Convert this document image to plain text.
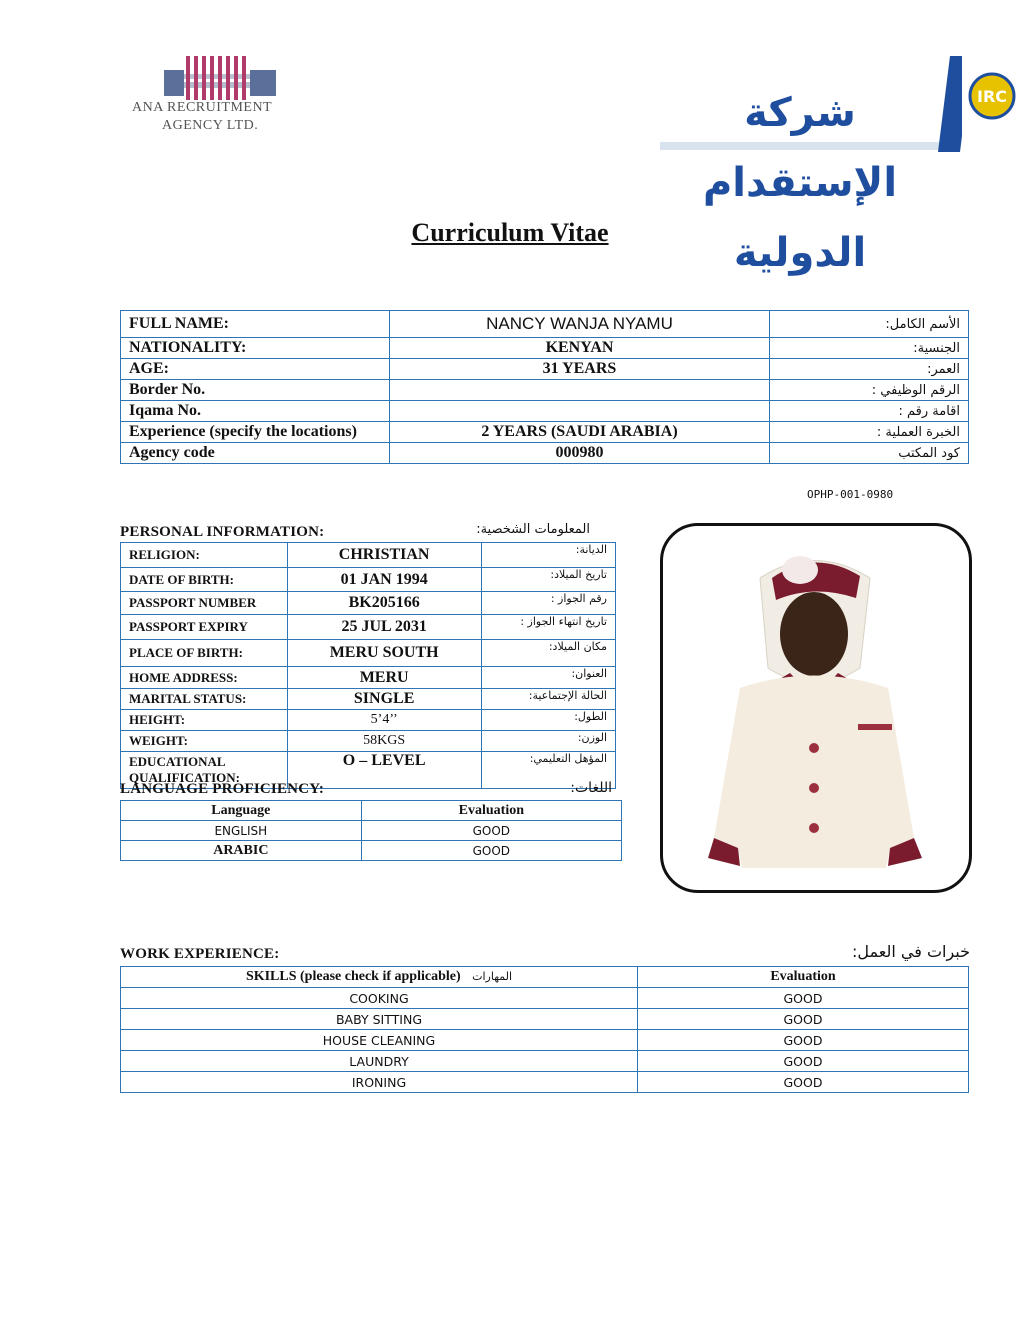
ANA RECRUITMENT
AGENCY LTD.
IRC
شركة الإستقدام الدولية
Curriculum Vitae
FULL NAME:	NANCY WANJA NYAMU	الأسم الكامل:
NATIONALITY:	KENYAN	الجنسية:
AGE:	31 YEARS	العمر:
Border No.		الرقم الوظيفي :
Iqama No.		اقامة رقم :
Experience (specify the locations)	2 YEARS (SAUDI ARABIA)	الخبرة العملية :
Agency code	000980	كود المكتب
OPHP-001-0980
PERSONAL INFORMATION:	المعلومات الشخصية:
RELIGION:	CHRISTIAN	الديانة:
DATE OF BIRTH:	01 JAN 1994	تاريخ الميلاد:
PASSPORT NUMBER	BK205166	رقم الجواز :
PASSPORT EXPIRY	25 JUL 2031	تاريخ انتهاء الجواز :
PLACE OF BIRTH:	MERU SOUTH	مكان الميلاد:
HOME ADDRESS:	MERU	العنوان:
MARITAL STATUS:	SINGLE	الحالة الإجتماعية:
HEIGHT:	5’4’’	الطول:
WEIGHT:	58KGS	الوزن:
EDUCATIONAL QUALIFICATION:	O – LEVEL	المؤهل التعليمي:
LANGUAGE PROFICIENCY:	اللغات:
Language	Evaluation
ENGLISH	GOOD
ARABIC	GOOD
WORK EXPERIENCE:	خبرات في العمل:
SKILLS (please check if applicable) المهارات	Evaluation
COOKING	GOOD
BABY SITTING	GOOD
HOUSE CLEANING	GOOD
LAUNDRY	GOOD
IRONING	GOOD
